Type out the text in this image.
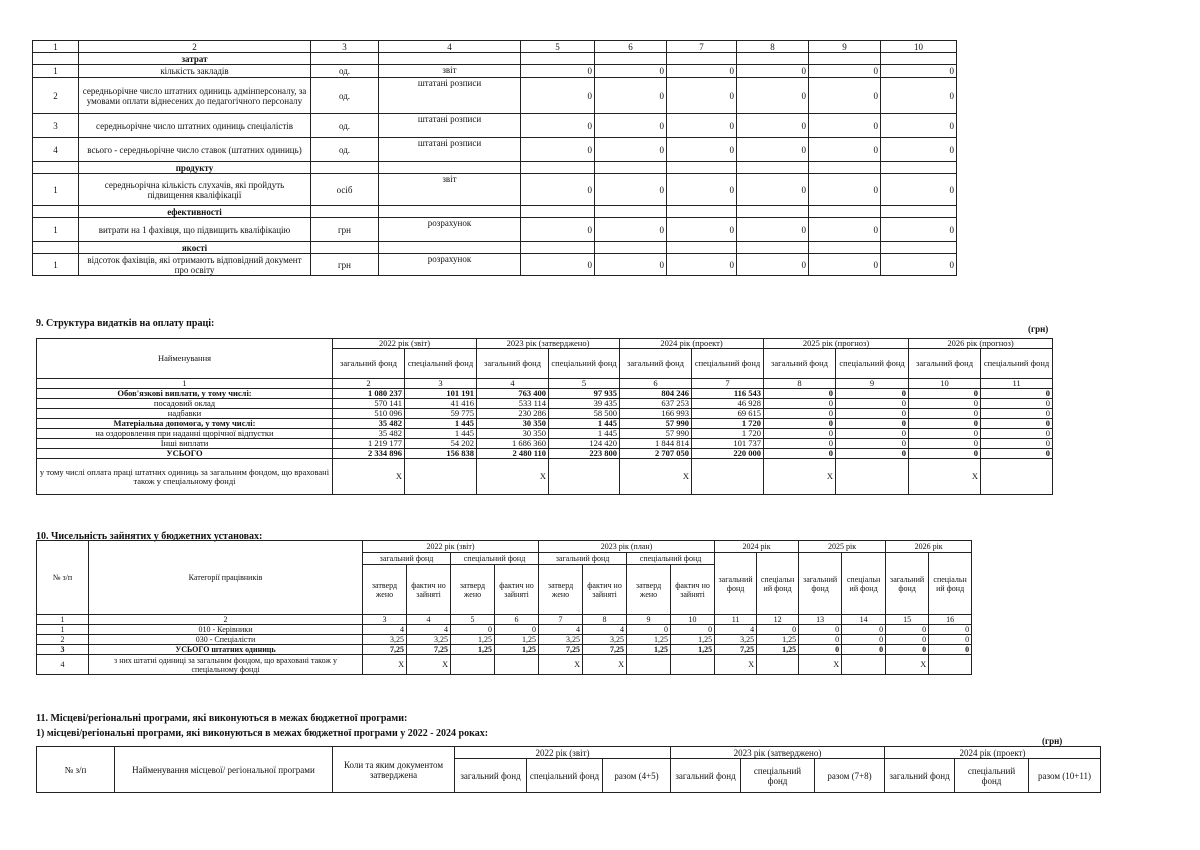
1	2	3	4	5	6	7	8	9	10
	затрат								
1	кількість закладів	од.	звіт	0	0	0	0	0	0
2	середньорічне число штатних одиниць адмінперсоналу, за умовами оплати віднесених до педагогічного персоналу	од.	штатані розписи	0	0	0	0	0	0
3	середньорічне число штатних одиниць спеціалістів	од.	штатані розписи	0	0	0	0	0	0
4	всього - середньорічне число ставок (штатних одиниць)	од.	штатані розписи	0	0	0	0	0	0
	продукту								
1	середньорічна кількість слухачів, які пройдуть підвищення кваліфікації	осіб	звіт	0	0	0	0	0	0
	ефективності								
1	витрати на 1 фахівця, що підвищить кваліфікацію	грн	розрахунок	0	0	0	0	0	0
	якості								
1	відсоток фахівців, які отримають відповідний документ про освіту	грн	розрахунок	0	0	0	0	0	0
9. Структура видатків на оплату праці:	(грн)
Найменування	2022 рік (звіт)		2023 рік (затверджено)		2024 рік (проект)		2025 рік (прогноз)		2026 рік (прогноз)	
	загальний фонд	спеціальний фонд	загальний фонд	спеціальний фонд	загальний фонд	спеціальний фонд	загальний фонд	спеціальний фонд	загальний фонд	спеціальний фонд
1	2	3	4	5	6	7	8	9	10	11
Обов'язкові виплати, у тому числі:	1 080 237	101 191	763 400	97 935	804 246	116 543	0	0	0	0
посадовий оклад	570 141	41 416	533 114	39 435	637 253	46 928	0	0	0	0
надбавки	510 096	59 775	230 286	58 500	166 993	69 615	0	0	0	0
Матеріальна допомога, у тому числі:	35 482	1 445	30 350	1 445	57 990	1 720	0	0	0	0
на оздоровлення при наданні щорічної відпустки	35 482	1 445	30 350	1 445	57 990	1 720	0	0	0	0
Інші виплати	1 219 177	54 202	1 686 360	124 420	1 844 814	101 737	0	0	0	0
УСЬОГО	2 334 896	156 838	2 480 110	223 800	2 707 050	220 000	0	0	0	0
у тому числі оплата праці штатних одиниць за загальним фондом, що враховані також у спеціальному фонді	X		X		X		X		X	
10. Чисельність зайнятих у бюджетних установах:
№ з/п	Категорії працівників	2022 рік (звіт)				2023 рік (план)				2024 рік		2025 рік		2026 рік	
		загальний фонд		спеціальний фонд		загальний фонд		спеціальний фонд		загальний фонд	спеціальн ий фонд	загальний фонд	спеціальн ий фонд	загальний фонд	спеціальн ий фонд
		затверд жено	фактич но зайняті	затверд жено	фактич но зайняті	затверд жено	фактич но зайняті	затверд жено	фактич но зайняті						
1	2	3	4	5	6	7	8	9	10	11	12	13	14	15	16
1	010 - Керівники	4	4	0	0	4	4	0	0	4	0	0	0	0	0
2	030 - Спеціалісти	3,25	3,25	1,25	1,25	3,25	3,25	1,25	1,25	3,25	1,25	0	0	0	0
3	УСЬОГО штатних одиниць	7,25	7,25	1,25	1,25	7,25	7,25	1,25	1,25	7,25	1,25	0	0	0	0
4	з них штатні одиниці за загальним фондом, що враховані також у спеціальному фонді	X	X			X	X			X		X		X	
11. Місцеві/регіональні програми, які виконуються в межах бюджетної програми:
1) місцеві/регіональні програми, які виконуються в межах бюджетної програми у 2022 - 2024 роках:
(грн)
№ з/п	Найменування місцевої/ регіональної програми	Коли та яким документом затверджена	2022 рік (звіт)			2023 рік (затверджено)			2024 рік (проект)		
			загальний фонд	спеціальний фонд	разом (4+5)	загальний фонд	спеціальний фонд	разом (7+8)	загальний фонд	спеціальний фонд	разом (10+11)
